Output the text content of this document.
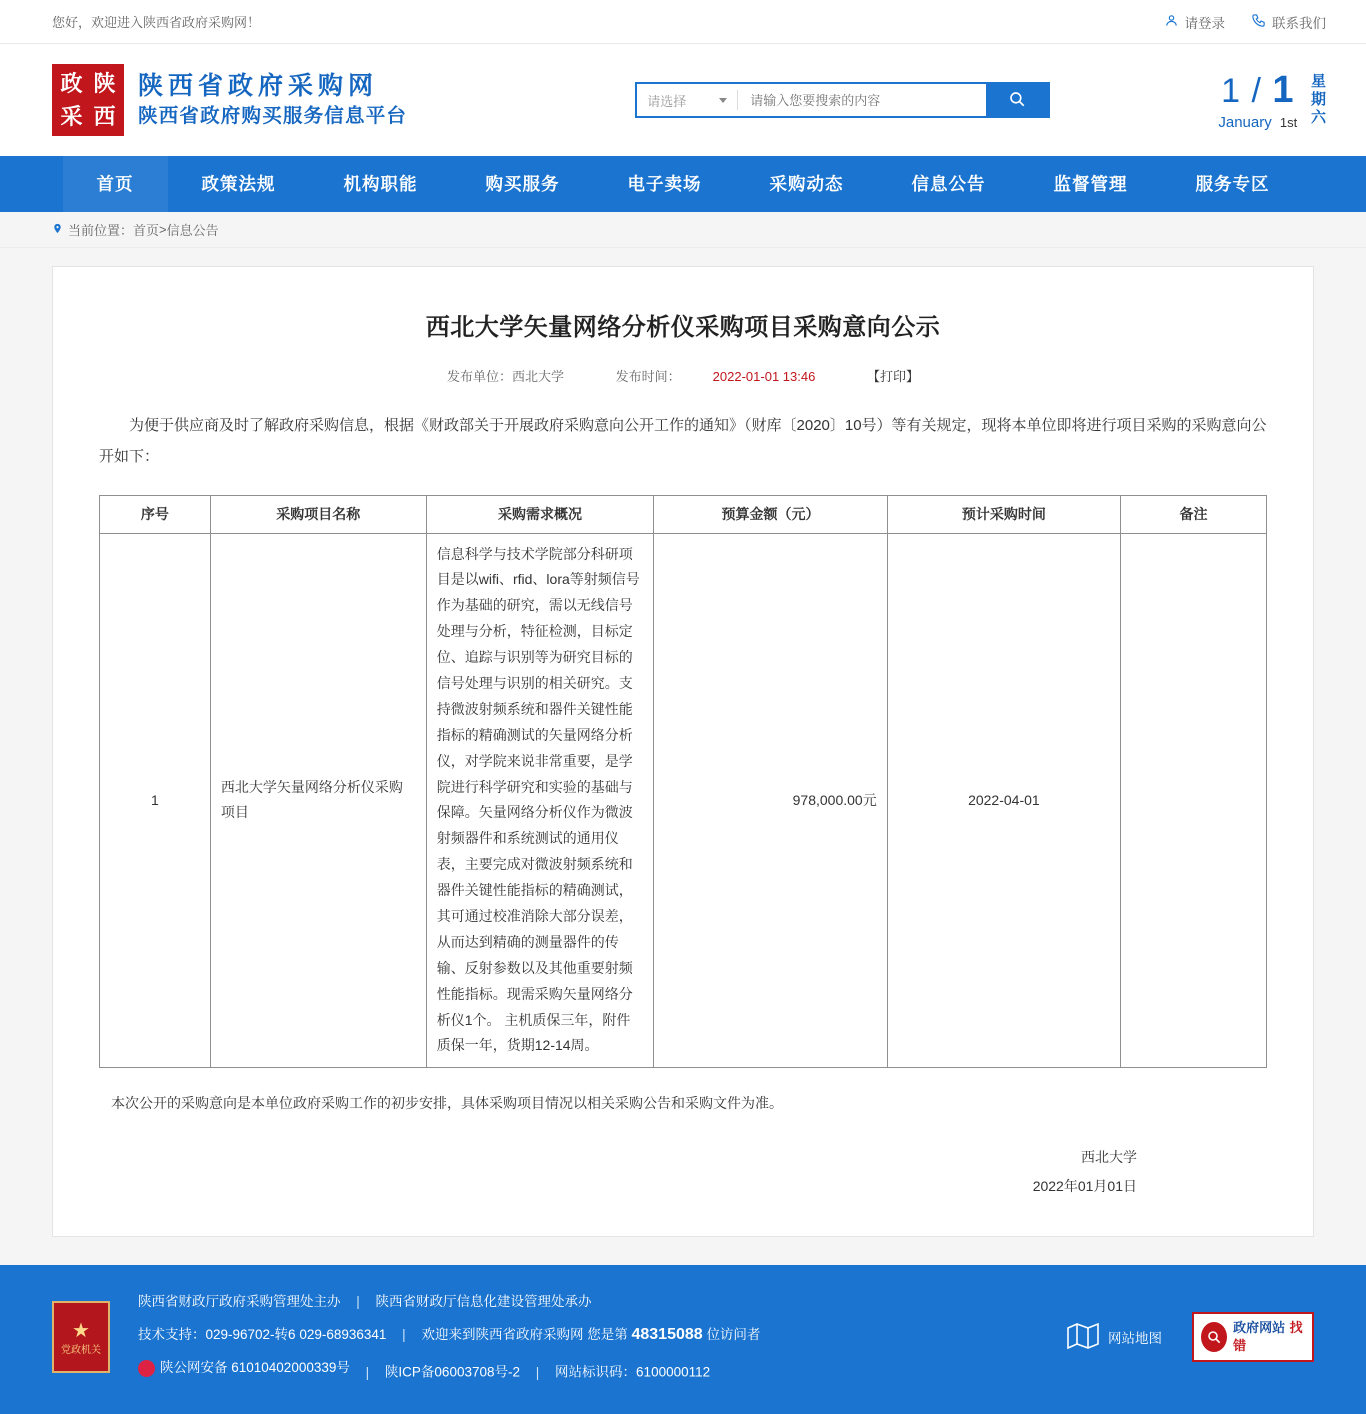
您好，欢迎进入陕西省政府采购网！	请登录	联系我们
政 陕
采 西
陕西省政府采购网
陕西省政府购买服务信息平台
请选择
请输入您要搜索的内容	1 / 1
January 1st 星期六
首页	政策法规	机构职能	购买服务	电子卖场	采购动态	信息公告	监督管理	服务专区
当前位置： 首页 > 信息公告
西北大学矢量网络分析仪采购项目采购意向公示
发布单位：西北大学	发布时间： 2022-01-01 13:46	【打印】

为便于供应商及时了解政府采购信息，根据《财政部关于开展政府采购意向公开工作的通知》（财库〔2020〕10号）等有关规定，现将本单位即将进行项目采购的采购意向公开如下：

序号	采购项目名称	采购需求概况	预算金额（元）	预计采购时间	备注
1	西北大学矢量网络分析仪采购项目	信息科学与技术学院部分科研项目是以wifi、rfid、lora等射频信号作为基础的研究，需以无线信号处理与分析，特征检测，目标定位、追踪与识别等为研究目标的信号处理与识别的相关研究。支持微波射频系统和器件关键性能指标的精确测试的矢量网络分析仪，对学院来说非常重要，是学院进行科学研究和实验的基础与保障。矢量网络分析仪作为微波射频器件和系统测试的通用仪表，主要完成对微波射频系统和器件关键性能指标的精确测试，其可通过校准消除大部分误差，从而达到精确的测量器件的传输、反射参数以及其他重要射频性能指标。现需采购矢量网络分析仪1个。 主机质保三年，附件质保一年，货期12-14周。	978,000.00元	2022-04-01	

本次公开的采购意向是本单位政府采购工作的初步安排，具体采购项目情况以相关采购公告和采购文件为准。

西北大学
2022年01月01日
★
党政机关
陕西省财政厅政府采购管理处主办 | 陕西省财政厅信息化建设管理处承办
技术支持：029-96702-转6 029-68936341 | 欢迎来到陕西省政府采购网 您是第 48315088 位访问者
陕公网安备 61010402000339号 | 陕ICP备06003708号-2 | 网站标识码：6100000112
网站地图
政府网站 找错
